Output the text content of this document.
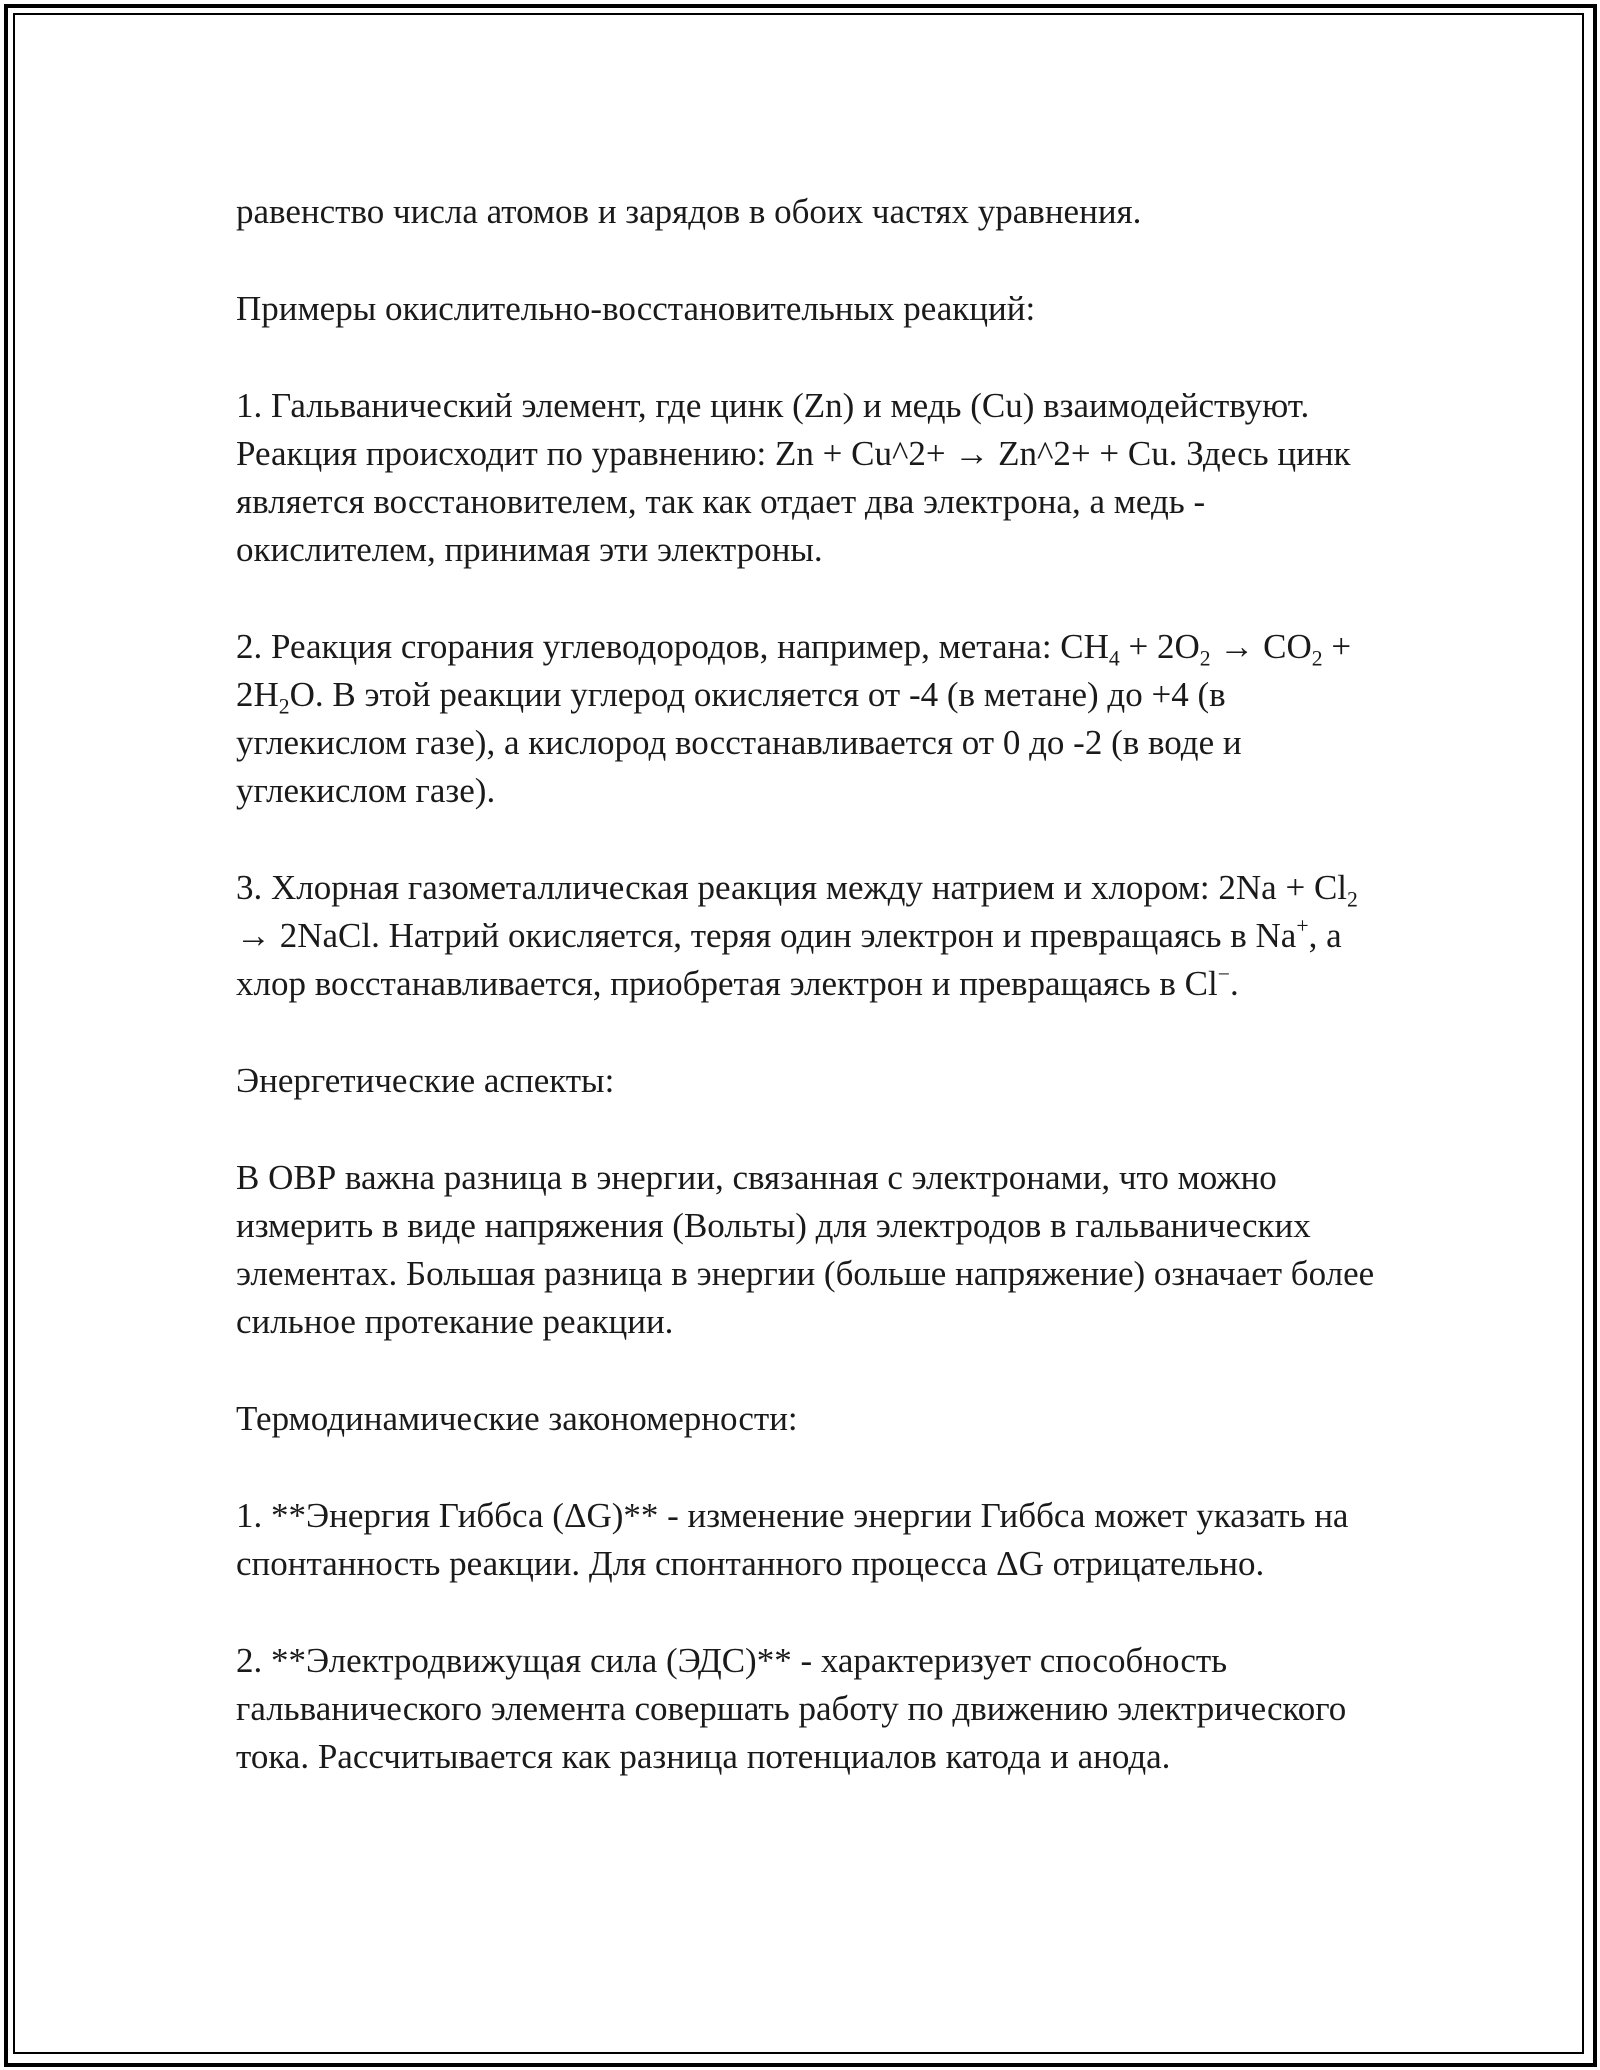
равенство числа атомов и зарядов в обоих частях уравнения.

Примеры окислительно-восстановительных реакций:

1. Гальванический элемент, где цинк (Zn) и медь (Cu) взаимодействуют. Реакция происходит по уравнению: Zn + Cu^2+ → Zn^2+ + Cu. Здесь цинк является восстановителем, так как отдает два электрона, а медь - окислителем, принимая эти электроны.

2. Реакция сгорания углеводородов, например, метана: $CH_4 + 2O_2 \to CO_2 + 2H_2O$. В этой реакции углерод окисляется от -4 (в метане) до +4 (в углекислом газе), а кислород восстанавливается от 0 до -2 (в воде и углекислом газе).

3. Хлорная газометаллическая реакция между натрием и хлором: $2Na + Cl_2$ → 2NaCl. Натрий окисляется, теряя один электрон и превращаясь в Na+, а хлор восстанавливается, приобретая электрон и превращаясь в Cl−.

Энергетические аспекты:

В ОВР важна разница в энергии, связанная с электронами, что можно измерить в виде напряжения (Вольты) для электродов в гальванических элементах. Большая разница в энергии (больше напряжение) означает более сильное протекание реакции.

Термодинамические закономерности:

1. **Энергия Гиббса (ΔG)** - изменение энергии Гиббса может указать на спонтанность реакции. Для спонтанного процесса ΔG отрицательно.

2. **Электродвижущая сила (ЭДС)** - характеризует способность гальванического элемента совершать работу по движению электрического тока. Рассчитывается как разница потенциалов катода и анода.
